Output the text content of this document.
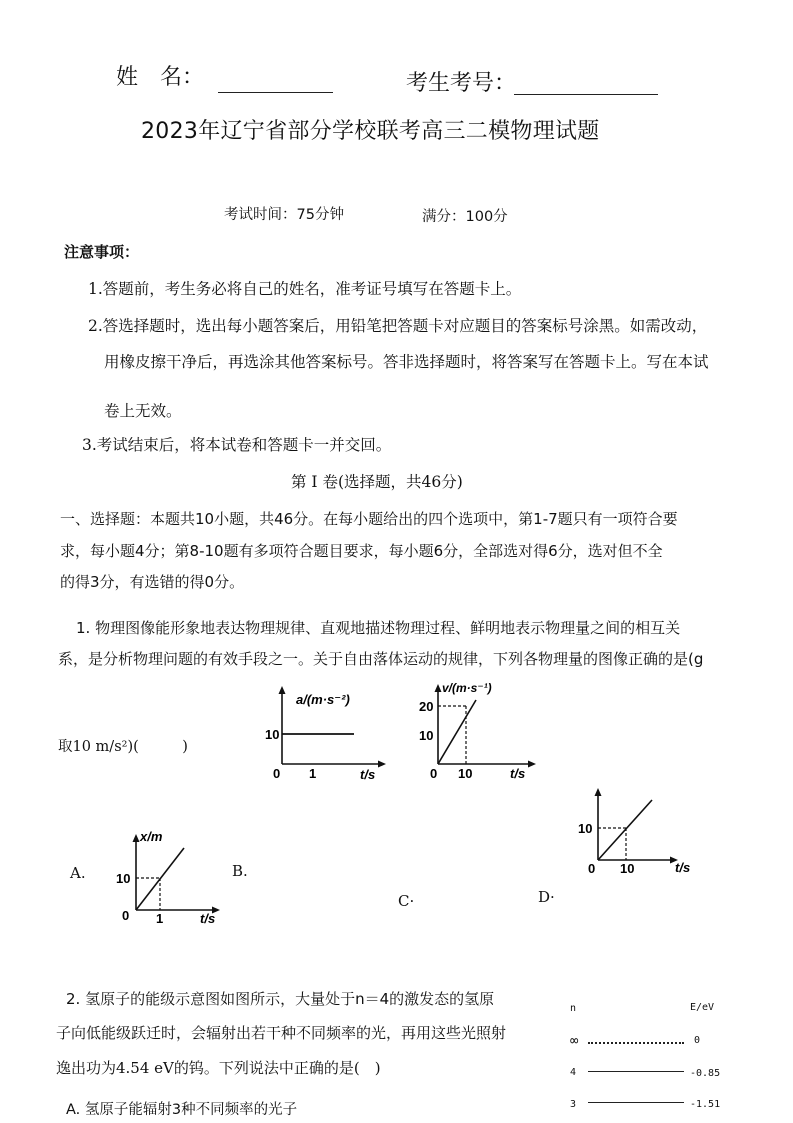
姓　名：	考生考号：
2023年辽宁省部分学校联考高三二模物理试题
考试时间：75分钟	满分：100分
注意事项：
1.答题前，考生务必将自己的姓名，准考证号填写在答题卡上。
2.答选择题时，选出每小题答案后，用铅笔把答题卡对应题目的答案标号涂黑。如需改动，
用橡皮擦干净后，再选涂其他答案标号。答非选择题时，将答案写在答题卡上。写在本试
卷上无效。
3.考试结束后，将本试卷和答题卡一并交回。
第 I 卷(选择题，共46分)
一、选择题：本题共10小题，共46分。在每小题给出的四个选项中，第1-7题只有一项符合要
求，每小题4分；第8-10题有多项符合题目要求，每小题6分，全部选对得6分，选对但不全
的得3分，有选错的得0分。
1. 物理图像能形象地表达物理规律、直观地描述物理过程、鲜明地表示物理量之间的相互关
系，是分析物理问题的有效手段之一。关于自由落体运动的规律，下列各物理量的图像正确的是(g
取10 m/s²)(　　　)
a/(m·s⁻²)
10
1
0	t/s
v/(m·s⁻¹)
20
10
10
0	t/s
10
10
0	t/s
x/m
10
1
0	t/s
A.	B.
C·	D·
2. 氢原子的能级示意图如图所示，大量处于n＝4的激发态的氢原
子向低能级跃迁时，会辐射出若干种不同频率的光，再用这些光照射
逸出功为4.54 eV的钨。下列说法中正确的是(　)
A. 氢原子能辐射3种不同频率的光子
n	E/eV
∞	0
4	-0.85
3	-1.51
